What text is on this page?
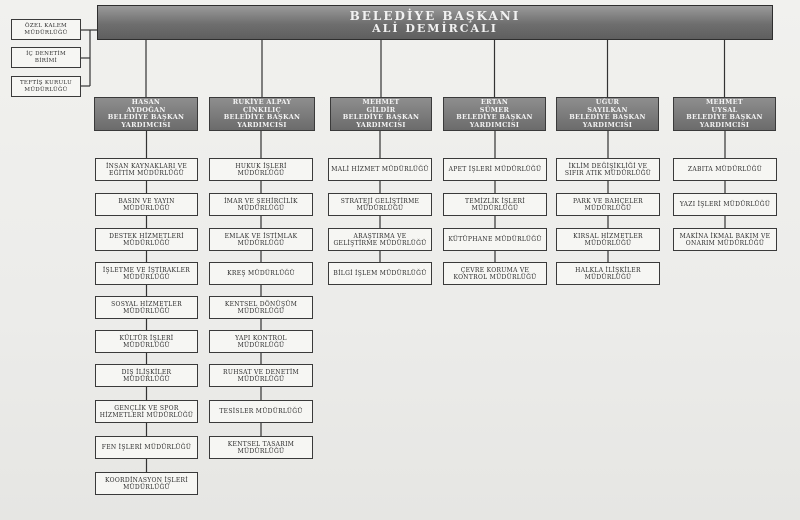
BELEDİYE BAŞKANI
ALİ DEMİRCALI
ÖZEL KALEM
MÜDÜRLÜĞÜ
İÇ DENETİM
BİRİMİ
TEFTİŞ KURULU
MÜDÜRLÜĞÜ
HASAN
AYDOĞAN
BELEDİYE BAŞKAN
YARDIMCISI
İNSAN KAYNAKLARI VE
EĞİTİM MÜDÜRLÜĞÜ
BASIN VE YAYIN
MÜDÜRLÜĞÜ
DESTEK HİZMETLERİ
MÜDÜRLÜĞÜ
İŞLETME VE İŞTİRAKLER
MÜDÜRLÜĞÜ
SOSYAL HİZMETLER
MÜDÜRLÜĞÜ
KÜLTÜR İŞLERİ
MÜDÜRLÜĞÜ
DIŞ İLİŞKİLER MÜDÜRLÜĞÜ
GENÇLİK VE SPOR
HİZMETLERİ MÜDÜRLÜĞÜ
FEN İŞLERİ MÜDÜRLÜĞÜ
KOORDİNASYON İŞLERİ
MÜDÜRLÜĞÜ
RUKİYE ALPAY
ÇİNKILIÇ
BELEDİYE BAŞKAN
YARDIMCISI
HUKUK İŞLERİ
MÜDÜRLÜĞÜ
İMAR VE ŞEHİRCİLİK
MÜDÜRLÜĞÜ
EMLAK VE İSTİMLAK
MÜDÜRLÜĞÜ
KREŞ MÜDÜRLÜĞÜ
KENTSEL DÖNÜŞÜM
MÜDÜRLÜĞÜ
YAPI KONTROL
MÜDÜRLÜĞÜ
RUHSAT VE DENETİM
MÜDÜRLÜĞÜ
TESİSLER MÜDÜRLÜĞÜ
KENTSEL TASARIM
MÜDÜRLÜĞÜ
MEHMET
GİLDİR
BELEDİYE BAŞKAN
YARDIMCISI
MALİ HİZMET MÜDÜRLÜĞÜ
STRATEJİ GELİŞTİRME
MÜDÜRLÜĞÜ
ARAŞTIRMA VE
GELİŞTİRME MÜDÜRLÜĞÜ
BİLGİ İŞLEM MÜDÜRLÜĞÜ
ERTAN
SÜMER
BELEDİYE BAŞKAN
YARDIMCISI
APET İŞLERİ MÜDÜRLÜĞÜ
TEMİZLİK İŞLERİ
MÜDÜRLÜĞÜ
KÜTÜPHANE MÜDÜRLÜĞÜ
ÇEVRE KORUMA VE
KONTROL MÜDÜRLÜĞÜ
UĞUR
SAYILKAN
BELEDİYE BAŞKAN
YARDIMCISI
İKLİM DEĞİŞİKLİĞİ VE
SIFIR ATIK MÜDÜRLÜĞÜ
PARK VE BAHÇELER
MÜDÜRLÜĞÜ
KIRSAL HİZMETLER
MÜDÜRLÜĞÜ
HALKLA İLİŞKİLER
MÜDÜRLÜĞÜ
MEHMET
UYSAL
BELEDİYE BAŞKAN
YARDIMCISI
ZABITA MÜDÜRLÜĞÜ
YAZI İŞLERİ MÜDÜRLÜĞÜ
MAKİNA İKMAL BAKIM VE
ONARIM MÜDÜRLÜĞÜ
